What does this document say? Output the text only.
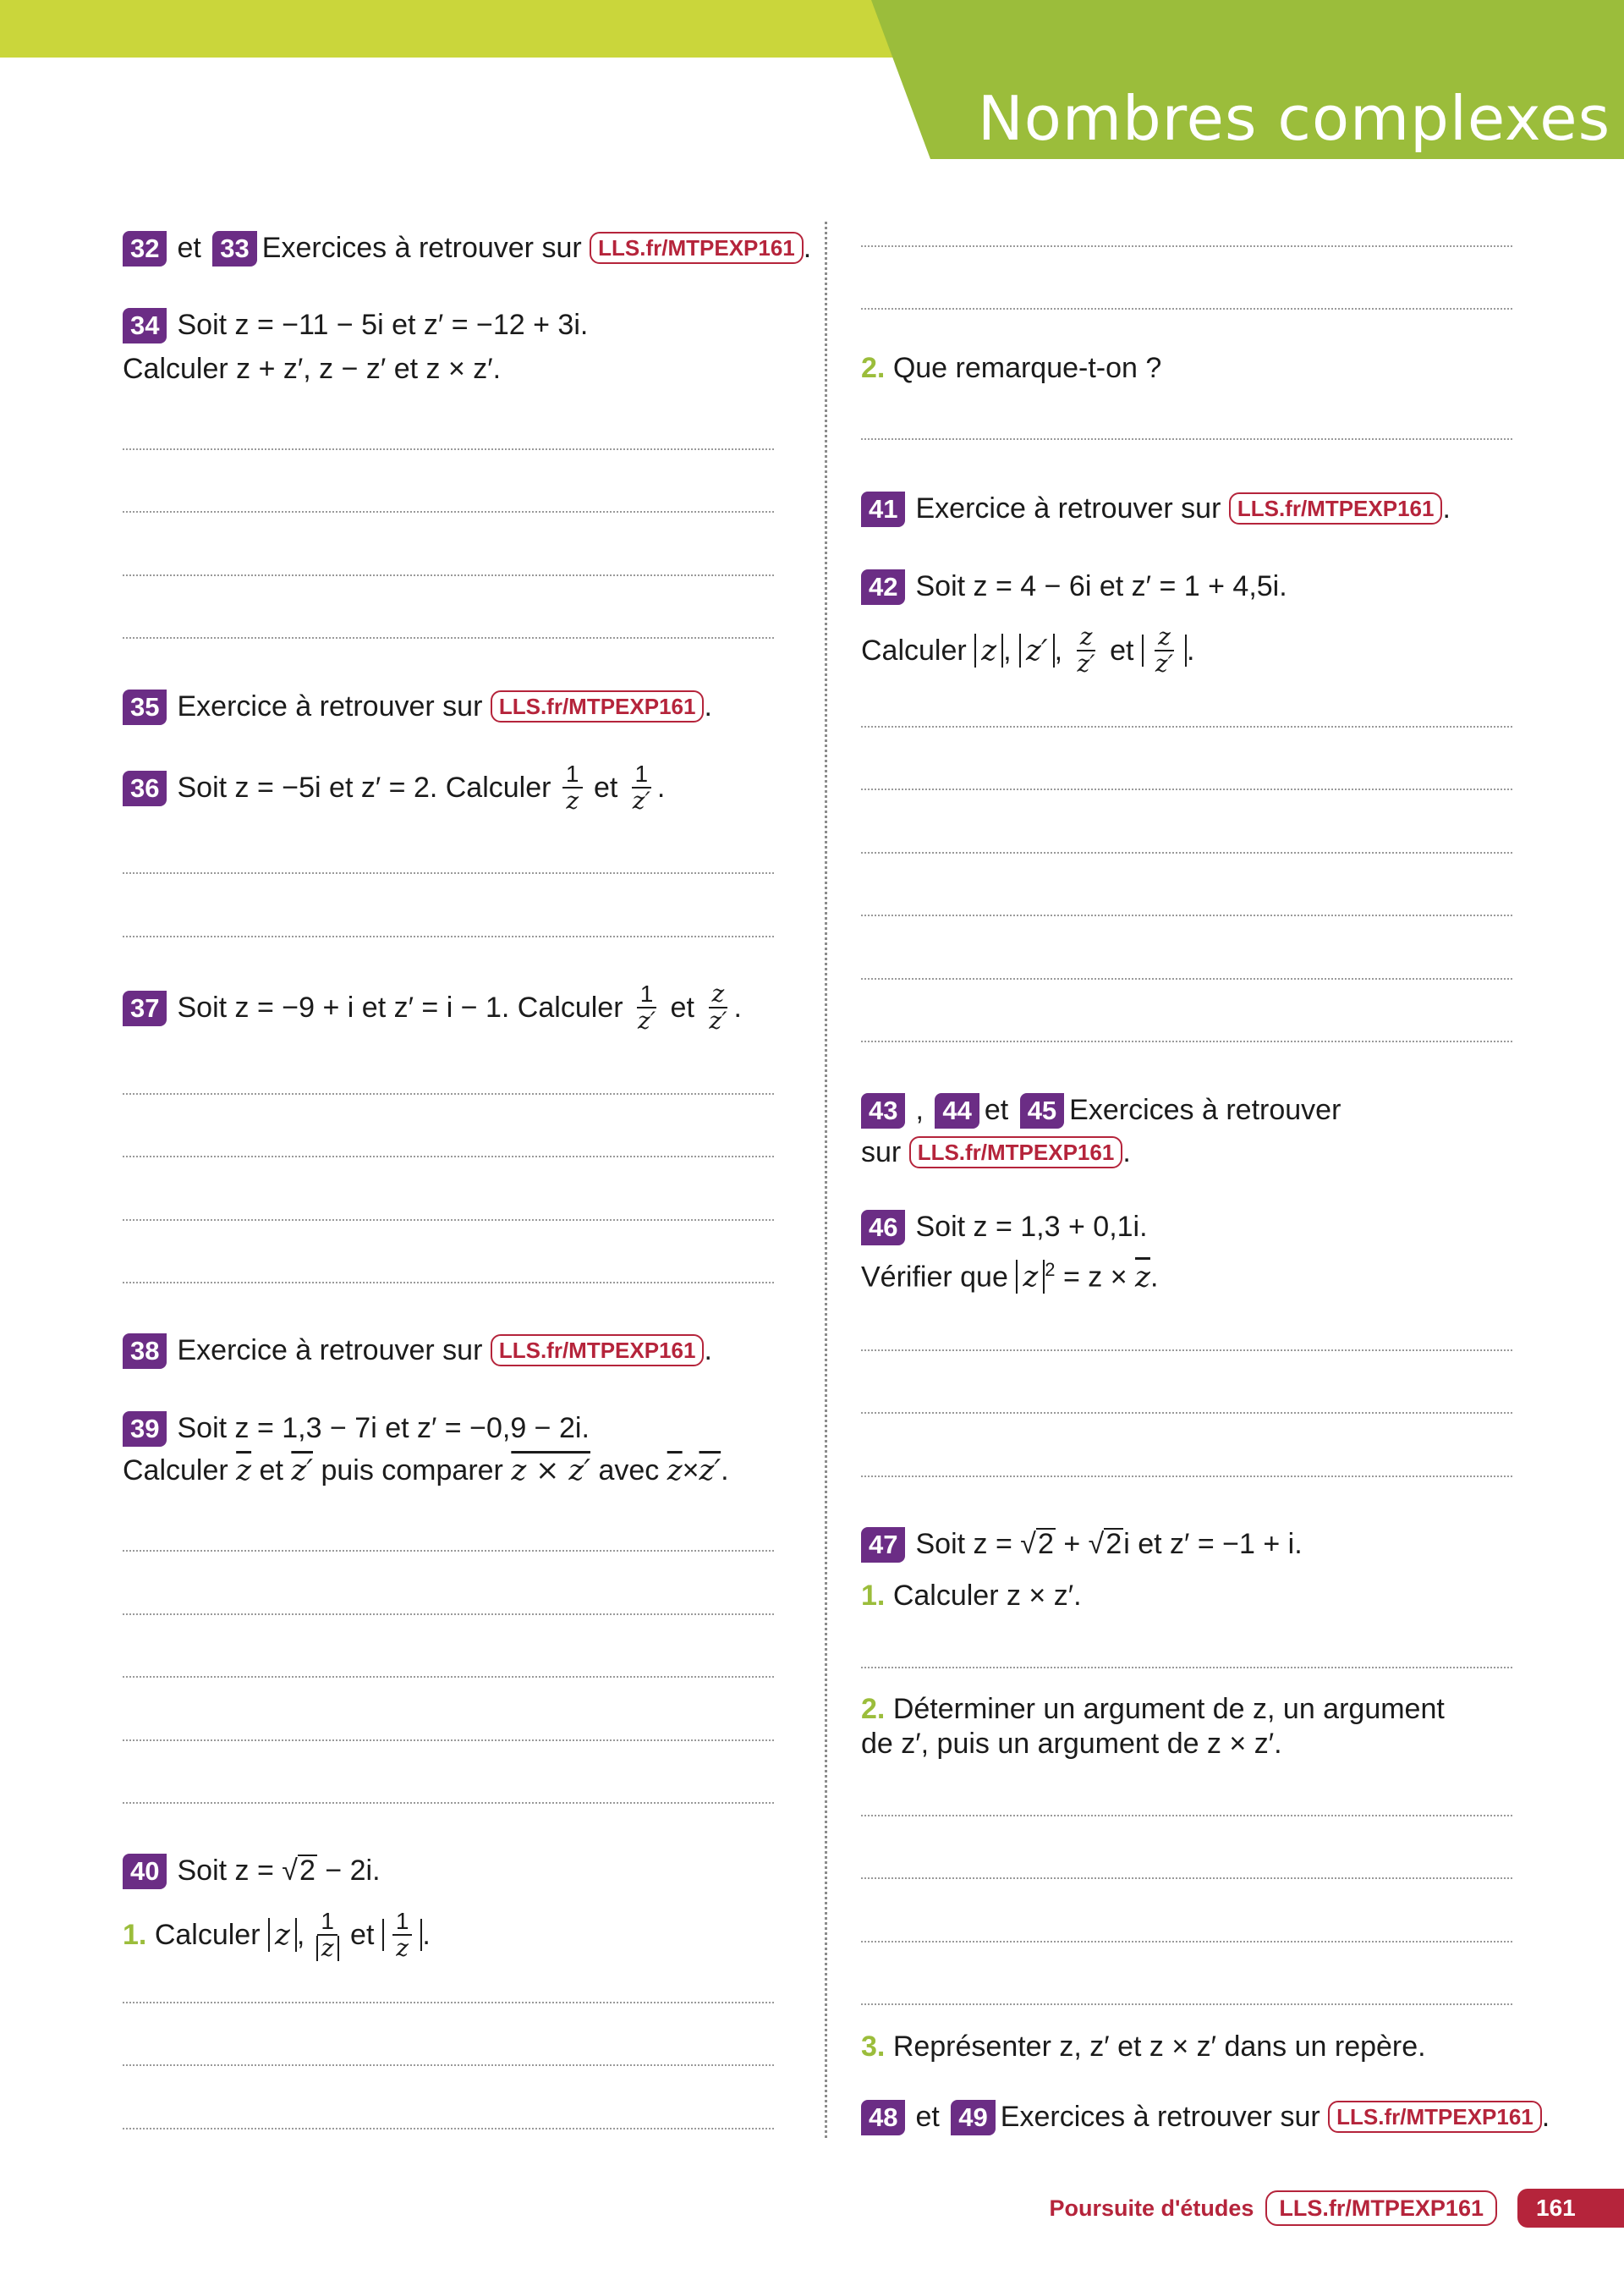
Nombres complexes
32 et 33 Exercices à retrouver sur LLS.fr/MTPEXP161 .
34 Soit z = −11 − 5i et z′ = −12 + 3i.
Calculer z + z′, z − z′ et z × z′.
35 Exercice à retrouver sur LLS.fr/MTPEXP161 .
36 Soit z = −5i et z′ = 2. Calculer $\frac{1}{z}$ et $\frac{1}{z'}$ .
37 Soit z = −9 + i et z′ = i − 1. Calculer $\frac{1}{z'}$ et $\frac{z}{z'}$ .
38 Exercice à retrouver sur LLS.fr/MTPEXP161 .
39 Soit z = 1,3 − 7i et z′ = −0,9 − 2i.
Calculer $\overline{z}$ et z′ puis comparer z × z′ avec $\overline{z}\times z'$.
40 Soit z = √2 − 2i.
1. Calculer z , $\frac{1}{z}$ et $\frac{1}{z}$ .
2. Que remarque-t-on ?
41 Exercice à retrouver sur LLS.fr/MTPEXP161 .
42 Soit z = 4 − 6i et z′ = 1 + 4,5i.
Calculer z , z′ , $\frac{z}{z'}$ et $\frac{z}{z'}$ .
43 , 44 et 45 Exercices à retrouver
sur LLS.fr/MTPEXP161 .
46 Soit z = 1,3 + 0,1i.
Vérifier que z $^2 = z \times \overline{z}$.
47 Soit z = √2 + √2i et z′ = −1 + i.
1. Calculer z × z′.
2. Déterminer un argument de z, un argument
de z′, puis un argument de z × z′.
3. Représenter z, z′ et z × z′ dans un repère.
48 et 49 Exercices à retrouver sur LLS.fr/MTPEXP161 .
Poursuite d'études	LLS.fr/MTPEXP161	161
